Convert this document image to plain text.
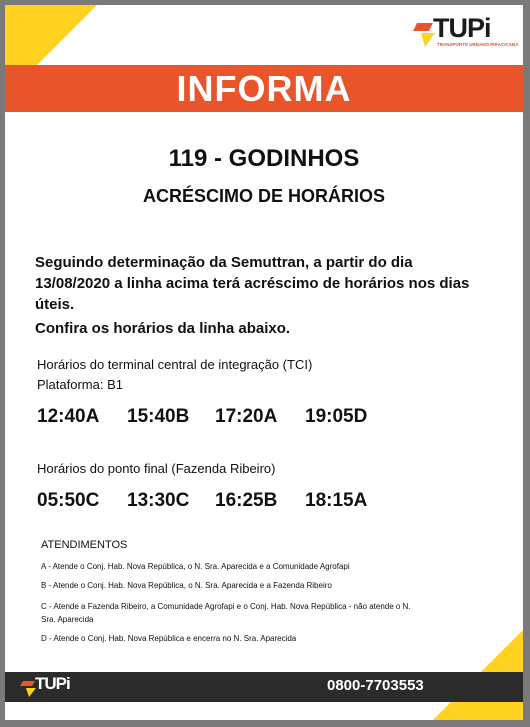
TUPi
TRANSPORTE URBANO PIRACICABA
INFORMA
119 - GODINHOS
ACRÉSCIMO DE HORÁRIOS
Seguindo determinação da Semuttran, a partir do dia 13/08/2020 a linha acima terá acréscimo de horários nos dias úteis.
Confira os horários da linha abaixo.
Horários do terminal central de integração (TCI)
Plataforma: B1
12:40A	15:40B	17:20A	19:05D
Horários do ponto final (Fazenda Ribeiro)
05:50C	13:30C	16:25B	18:15A
ATENDIMENTOS
A - Atende o Conj. Hab. Nova República, o N. Sra. Aparecida e a Comunidade Agrofapi
B - Atende o Conj. Hab. Nova República, o N. Sra. Aparecida e a Fazenda Ribeiro
C - Atende a Fazenda Ribeiro, a Comunidade Agrofapi e o Conj. Hab. Nova República - não atende o N. Sra. Aparecida
D - Atende o Conj. Hab. Nova República e encerra no N. Sra. Aparecida
TUPi	0800-7703553
